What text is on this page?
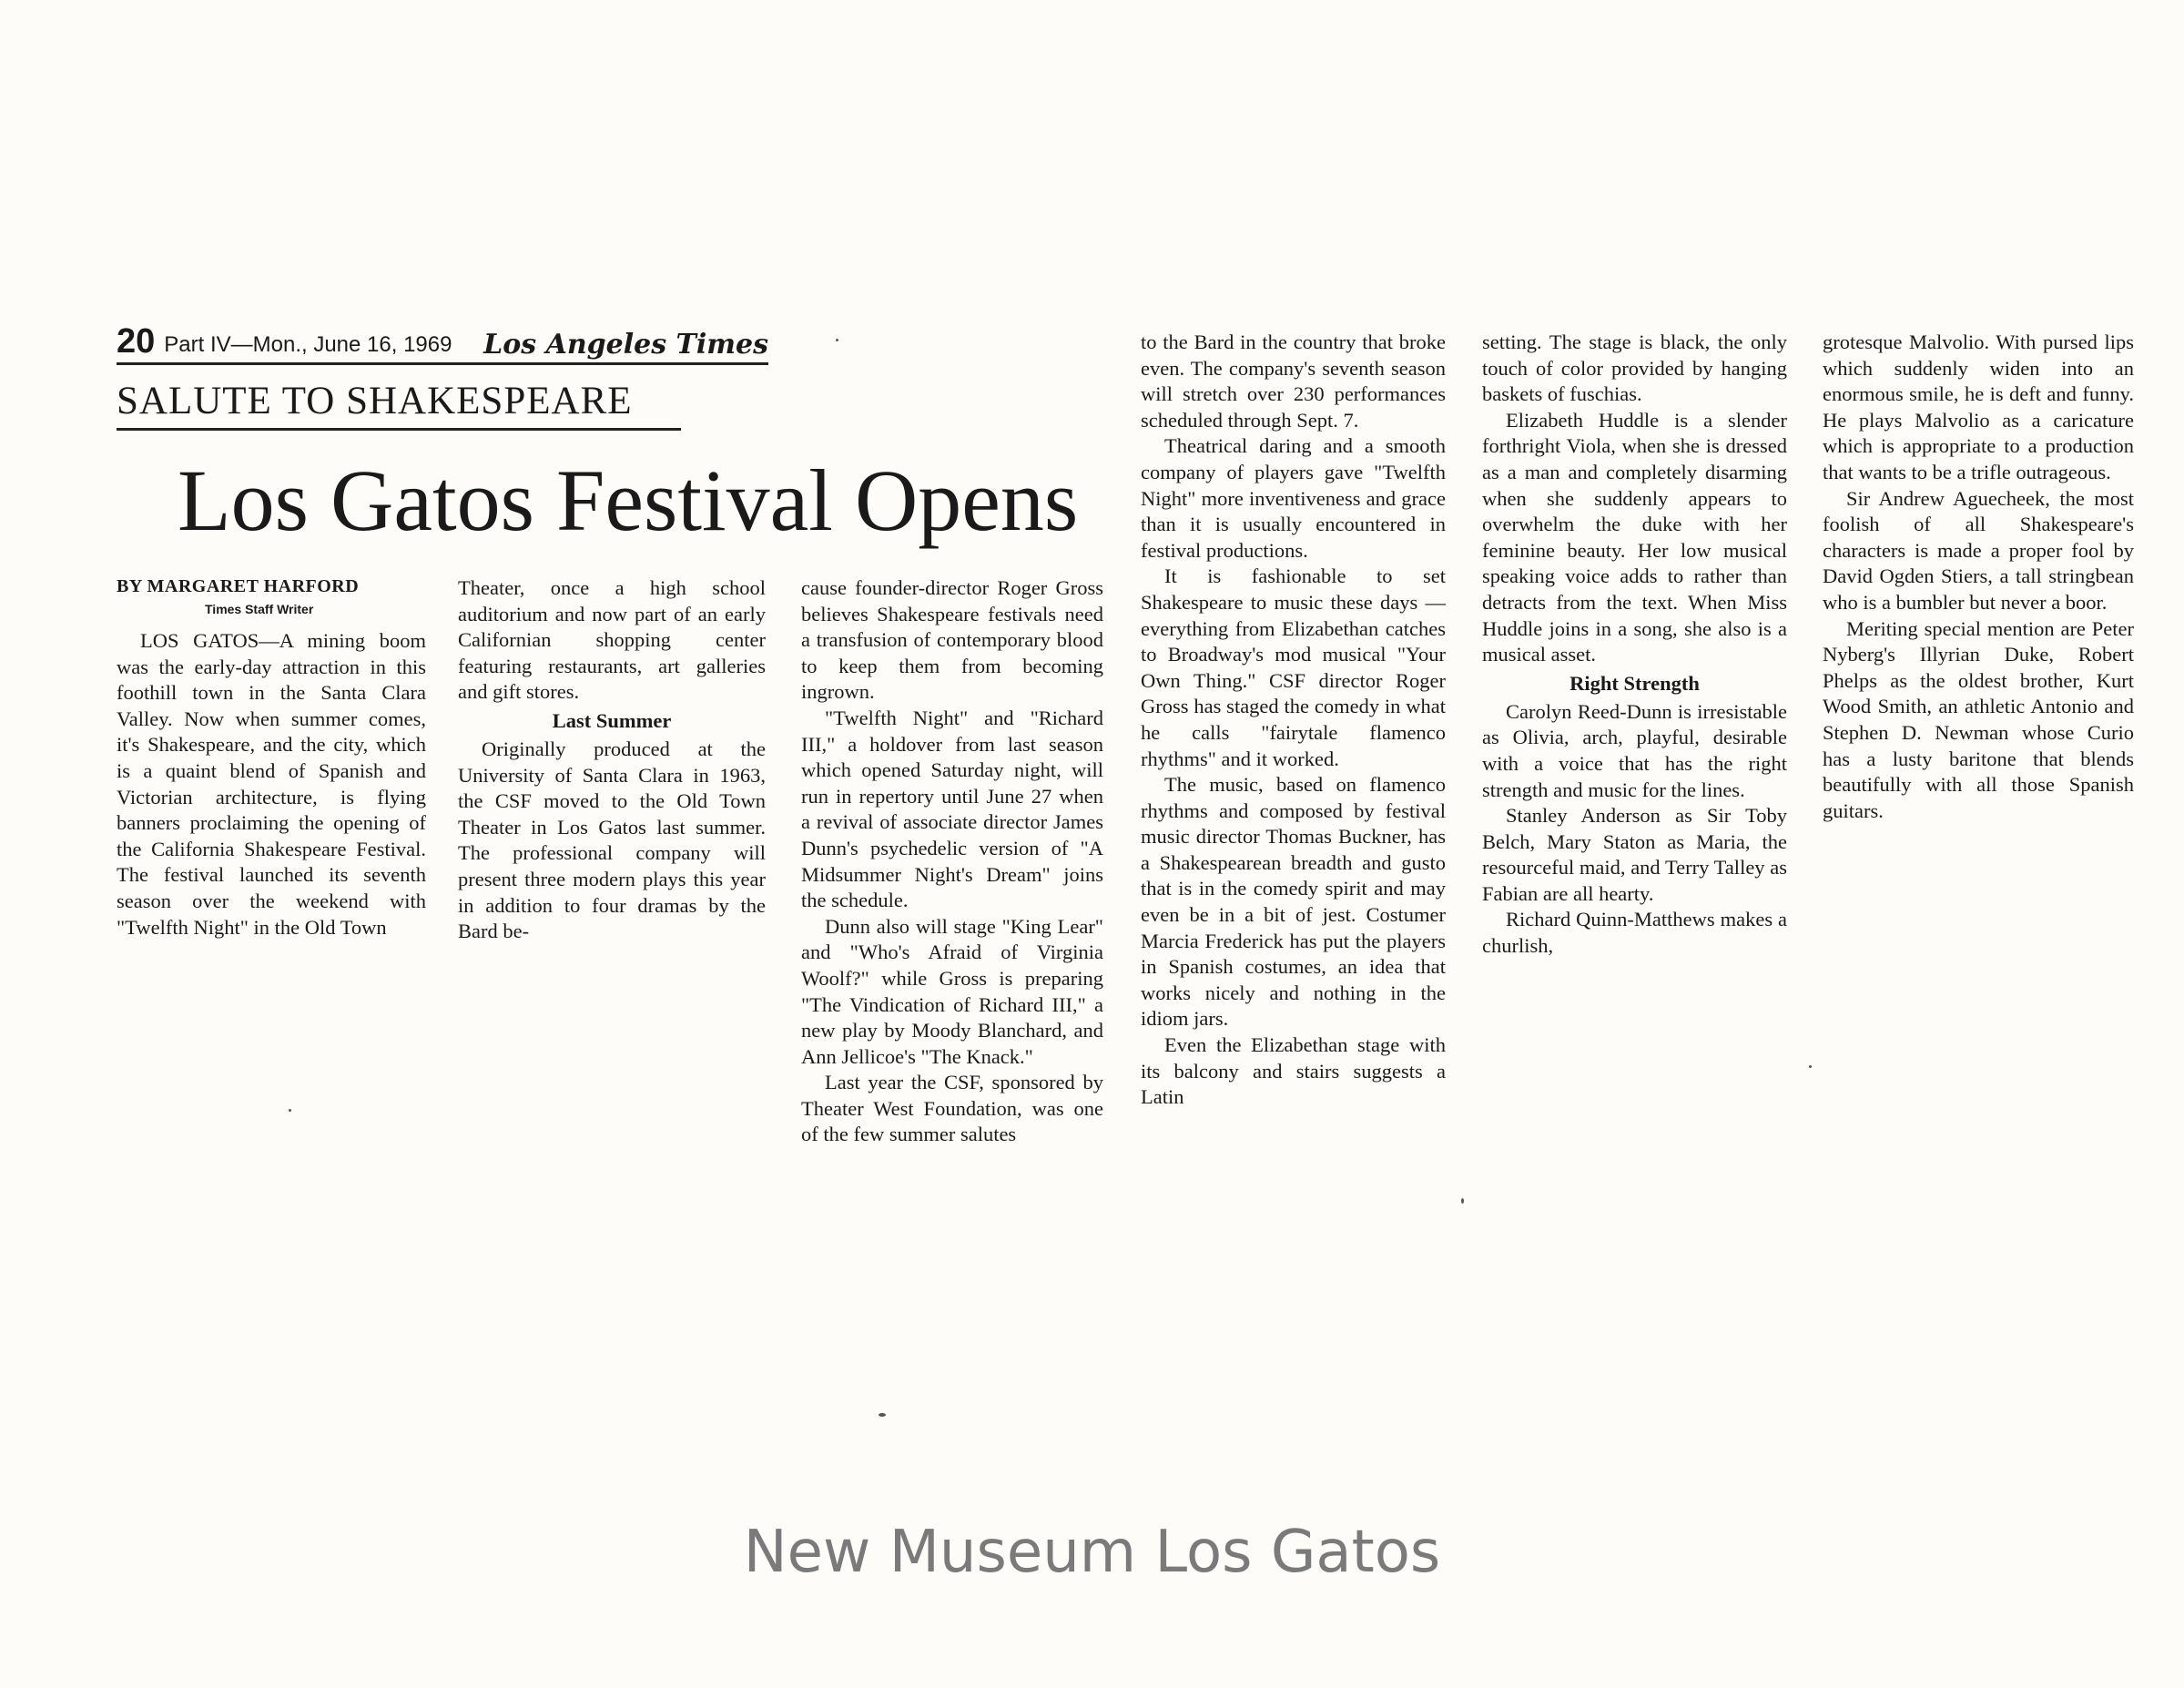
20 Part IV—Mon., June 16, 1969 Los Angeles Times
SALUTE TO SHAKESPEARE
Los Gatos Festival Opens
BY MARGARET HARFORD
Times Staff Writer

LOS GATOS—A mining boom was the early-day attraction in this foothill town in the Santa Clara Valley. Now when summer comes, it's Shakespeare, and the city, which is a quaint blend of Spanish and Victorian architecture, is flying banners proclaiming the opening of the California Shakespeare Festival. The festival launched its seventh season over the weekend with "Twelfth Night" in the Old Town

Theater, once a high school auditorium and now part of an early Californian shopping center featuring restaurants, art galleries and gift stores.

Last Summer

Originally produced at the University of Santa Clara in 1963, the CSF moved to the Old Town Theater in Los Gatos last summer. The professional company will present three modern plays this year in addition to four dramas by the Bard be-

cause founder-director Roger Gross believes Shakespeare festivals need a transfusion of contemporary blood to keep them from becoming ingrown.

"Twelfth Night" and "Richard III," a holdover from last season which opened Saturday night, will run in repertory until June 27 when a revival of associate director James Dunn's psychedelic version of "A Midsummer Night's Dream" joins the schedule.

Dunn also will stage "King Lear" and "Who's Afraid of Virginia Woolf?" while Gross is preparing "The Vindication of Richard III," a new play by Moody Blanchard, and Ann Jellicoe's "The Knack."

Last year the CSF, sponsored by Theater West Foundation, was one of the few summer salutes

to the Bard in the country that broke even. The company's seventh season will stretch over 230 performances scheduled through Sept. 7.

Theatrical daring and a smooth company of players gave "Twelfth Night" more inventiveness and grace than it is usually encountered in festival productions.

It is fashionable to set Shakespeare to music these days — everything from Elizabethan catches to Broadway's mod musical "Your Own Thing." CSF director Roger Gross has staged the comedy in what he calls "fairytale flamenco rhythms" and it worked.

The music, based on flamenco rhythms and composed by festival music director Thomas Buckner, has a Shakespearean breadth and gusto that is in the comedy spirit and may even be in a bit of jest. Costumer Marcia Frederick has put the players in Spanish costumes, an idea that works nicely and nothing in the idiom jars.

Even the Elizabethan stage with its balcony and stairs suggests a Latin

setting. The stage is black, the only touch of color provided by hanging baskets of fuschias.

Elizabeth Huddle is a slender forthright Viola, when she is dressed as a man and completely disarming when she suddenly appears to overwhelm the duke with her feminine beauty. Her low musical speaking voice adds to rather than detracts from the text. When Miss Huddle joins in a song, she also is a musical asset.

Right Strength

Carolyn Reed-Dunn is irresistable as Olivia, arch, playful, desirable with a voice that has the right strength and music for the lines.

Stanley Anderson as Sir Toby Belch, Mary Staton as Maria, the resourceful maid, and Terry Talley as Fabian are all hearty.

Richard Quinn-Matthews makes a churlish,

grotesque Malvolio. With pursed lips which suddenly widen into an enormous smile, he is deft and funny. He plays Malvolio as a caricature which is appropriate to a production that wants to be a trifle outrageous.

Sir Andrew Aguecheek, the most foolish of all Shakespeare's characters is made a proper fool by David Ogden Stiers, a tall stringbean who is a bumbler but never a boor.

Meriting special mention are Peter Nyberg's Illyrian Duke, Robert Phelps as the oldest brother, Kurt Wood Smith, an athletic Antonio and Stephen D. Newman whose Curio has a lusty baritone that blends beautifully with all those Spanish guitars.

New Museum Los Gatos
